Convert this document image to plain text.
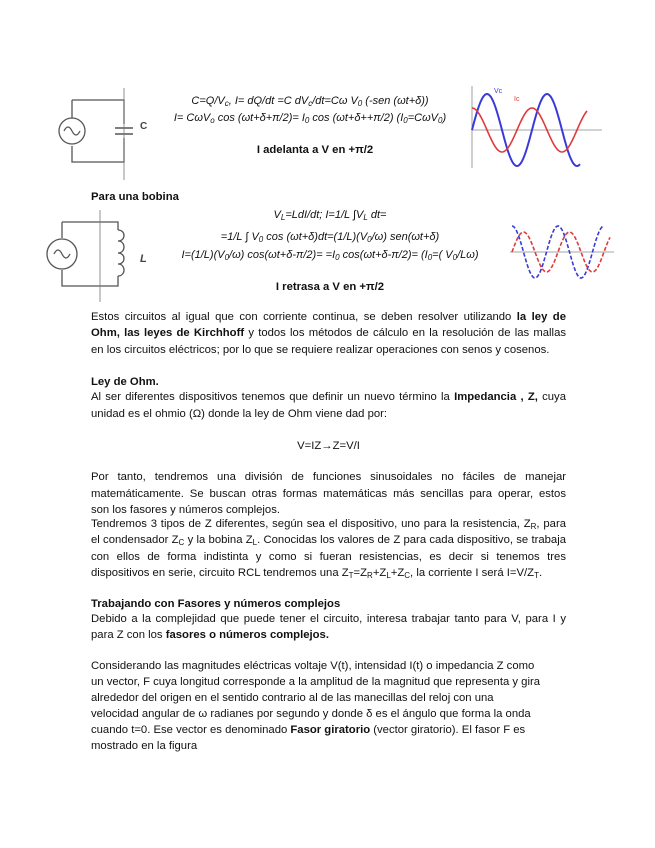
C
$C=Q/V_c$, I= dQ/dt =C $dV_c/dt=C\omega$ $V_0$ (-sen (ωt+δ))
I= CωV$_o$ $\cos (\omega t+\delta+\pi/2)= I_0$ cos (ωt+δ++π/2) $(I_0=C\omega V_0)$
I adelanta a V en +π/2
Vc
Ic
Para una bobina
L
$V_L=LdI/dt$; I=1/L $\int V_L$ dt=
=1/L ∫ $V_0$ $\cos (\omega t+\delta)dt=(1/L)(V_0/\omega)$ sen(ωt+δ)
$I=(1/L)(V_0/\omega)$ $\cos(\omega t+\delta-\pi/2)= =I_0$ $\cos(\omega t+\delta-\pi/2)= (I_0=$( $V_0/L\omega$)
I retrasa a V en +π/2
Estos circuitos al igual que con corriente continua, se deben resolver utilizando la ley de
Ohm, las leyes de Kirchhoff y todos los métodos de cálculo en la resolución de las mallas
en los circuitos eléctricos; por lo que se requiere realizar operaciones con senos y cosenos.
Ley de Ohm.
Al ser diferentes dispositivos tenemos que definir un nuevo término la Impedancia , Z, cuya
unidad es el ohmio (Ω) donde la ley de Ohm viene dad por:
V=IZ→Z=V/I
Por tanto, tendremos una división de funciones sinusoidales no fáciles de manejar
matemáticamente. Se buscan otras formas matemáticas más sencillas para operar, estos
son los fasores y números complejos.
Tendremos 3 tipos de Z diferentes, según sea el dispositivo, uno para la resistencia, $Z_R$, para
el condensador $Z_C$ y la bobina $Z_L$. Conocidas los valores de Z para cada dispositivo, se trabaja
con ellos de forma indistinta y como si fueran resistencias, es decir si tenemos tres
dispositivos en serie, circuito RCL tendremos una $Z_T=Z_R+Z_L+Z_C$, la corriente I será $I=V/Z_T$.
Trabajando con Fasores y números complejos
Debido a la complejidad que puede tener el circuito, interesa trabajar tanto para V, para I y
para Z con los fasores o números complejos.
Considerando las magnitudes eléctricas voltaje V(t), intensidad I(t) o impedancia Z como
un vector, F cuya longitud corresponde a la amplitud de la magnitud que representa y gira
alrededor del origen en el sentido contrario al de las manecillas del reloj con una
velocidad angular de ω radianes por segundo y donde δ es el ángulo que forma la onda
cuando t=0. Ese vector es denominado Fasor giratorio (vector giratorio). El fasor F es
mostrado en la figura
